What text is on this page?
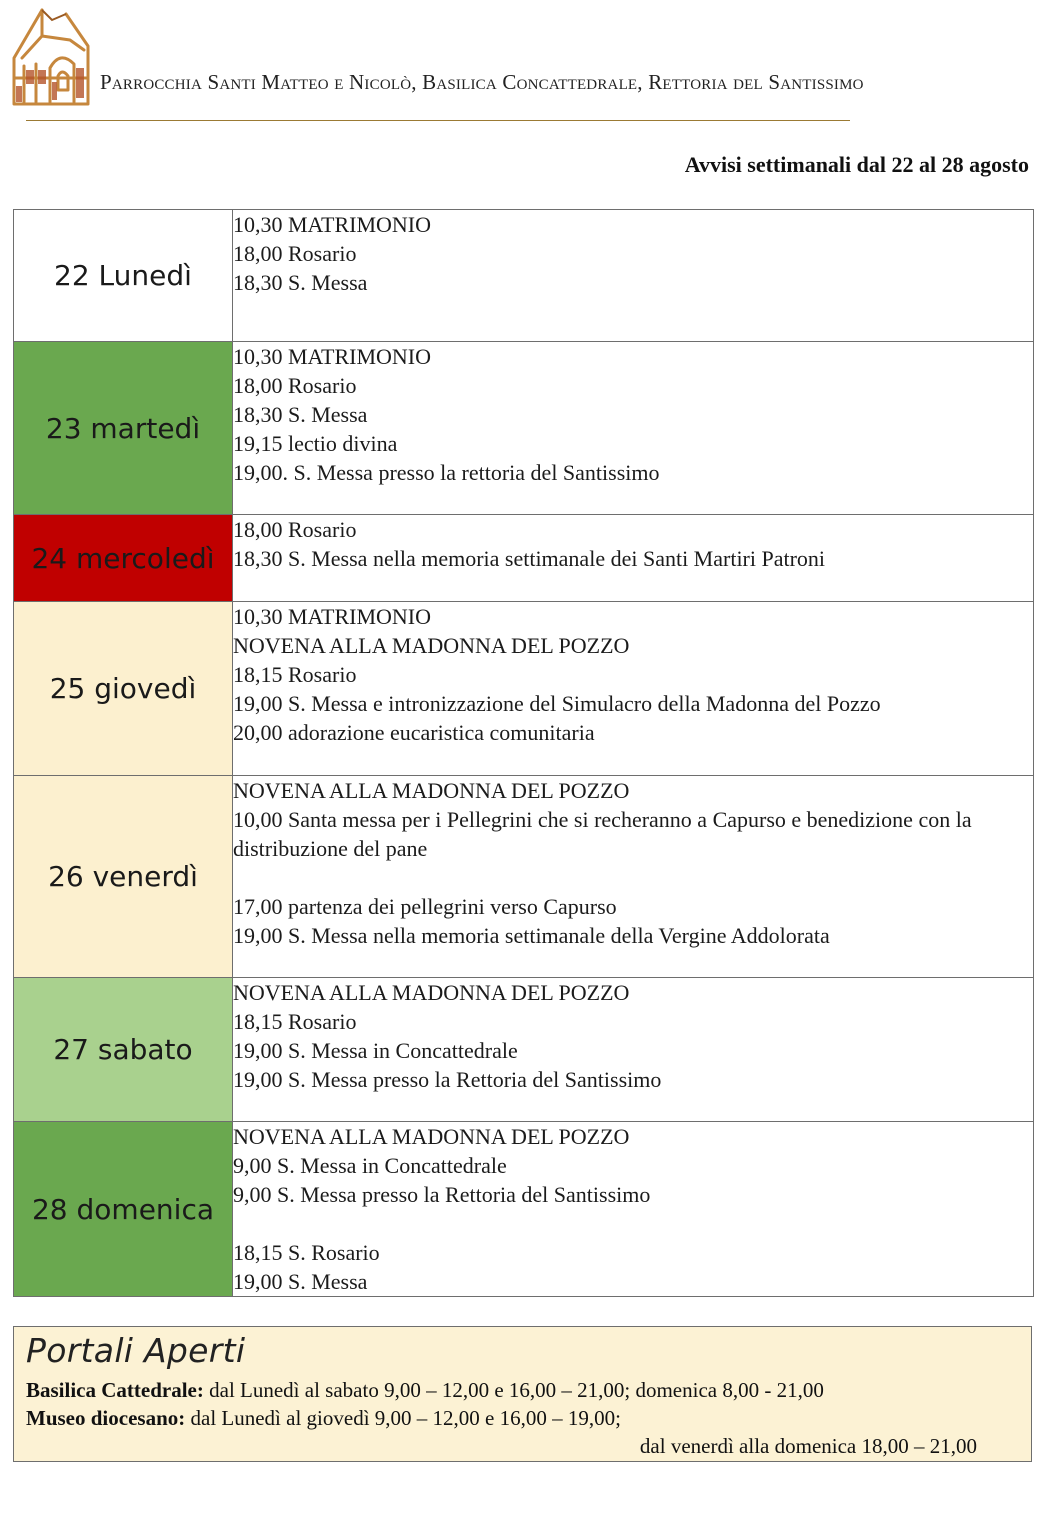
Parrocchia Santi Matteo e Nicolò, Basilica Concattedrale, Rettoria del Santissimo
Avvisi settimanali dal 22 al 28 agosto
22 Lunedì	10,30 MATRIMONIO
18,00 Rosario
18,30 S. Messa

23 martedì	10,30 MATRIMONIO
18,00 Rosario
18,30 S. Messa
19,15 lectio divina
19,00. S. Messa presso la rettoria del Santissimo

24 mercoledì	18,00 Rosario
18,30 S. Messa nella memoria settimanale dei Santi Martiri Patroni

25 giovedì	10,30 MATRIMONIO
NOVENA ALLA MADONNA DEL POZZO
18,15 Rosario
19,00 S. Messa e intronizzazione del Simulacro della Madonna del Pozzo
20,00 adorazione eucaristica comunitaria

26 venerdì	NOVENA ALLA MADONNA DEL POZZO
10,00 Santa messa per i Pellegrini che si recheranno a Capurso e benedizione con la distribuzione del pane
17,00 partenza dei pellegrini verso Capurso
19,00 S. Messa nella memoria settimanale della Vergine Addolorata

27 sabato	NOVENA ALLA MADONNA DEL POZZO
18,15 Rosario
19,00 S. Messa in Concattedrale
19,00 S. Messa presso la Rettoria del Santissimo

28 domenica	NOVENA ALLA MADONNA DEL POZZO
9,00 S. Messa in Concattedrale
9,00 S. Messa presso la Rettoria del Santissimo
18,15 S. Rosario
19,00 S. Messa
Portali Aperti
Basilica Cattedrale: dal Lunedì al sabato 9,00 – 12,00 e 16,00 – 21,00; domenica 8,00 - 21,00
Museo diocesano: dal Lunedì al giovedì 9,00 – 12,00 e 16,00 – 19,00;
dal venerdì alla domenica 18,00 – 21,00
